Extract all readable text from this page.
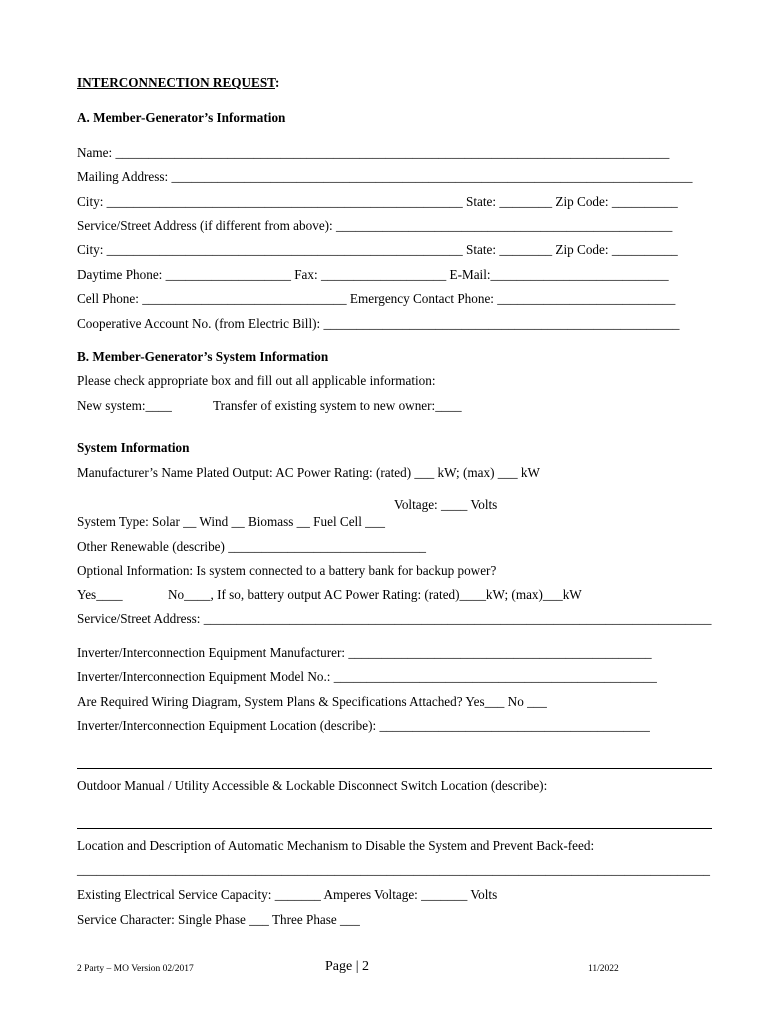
INTERCONNECTION REQUEST:
A. Member-Generator’s Information
Name: ____________________________________________________________________________________
Mailing Address: _______________________________________________________________________________
City: ______________________________________________________ State: ________ Zip Code: __________
Service/Street Address (if different from above): ___________________________________________________
City: ______________________________________________________ State: ________ Zip Code: __________
Daytime Phone: ___________________ Fax: ___________________ E-Mail:___________________________
Cell Phone: _______________________________ Emergency Contact Phone: ___________________________
Cooperative Account No. (from Electric Bill): ______________________________________________________
B. Member-Generator’s System Information
Please check appropriate box and fill out all applicable information:
New system:____	Transfer of existing system to new owner:____
System Information
Manufacturer’s Name Plated Output: AC Power Rating: (rated) ___ kW; (max) ___ kW
Voltage: ____ Volts
System Type: Solar __ Wind __ Biomass __ Fuel Cell ___
Other Renewable (describe) ______________________________
Optional Information: Is system connected to a battery bank for backup power?
Yes____	No____, If so, battery output AC Power Rating: (rated)____kW; (max)___kW
Service/Street Address: _____________________________________________________________________________
Inverter/Interconnection Equipment Manufacturer: ______________________________________________
Inverter/Interconnection Equipment Model No.: _________________________________________________
Are Required Wiring Diagram, System Plans & Specifications Attached? Yes___ No ___
Inverter/Interconnection Equipment Location (describe): _________________________________________
Outdoor Manual / Utility Accessible & Lockable Disconnect Switch Location (describe):
Location and Description of Automatic Mechanism to Disable the System and Prevent Back-feed:
________________________________________________________________________________________________
Existing Electrical Service Capacity: _______ Amperes Voltage: _______ Volts
Service Character: Single Phase ___ Three Phase ___
2 Party – MO Version 02/2017	Page | 2	11/2022
